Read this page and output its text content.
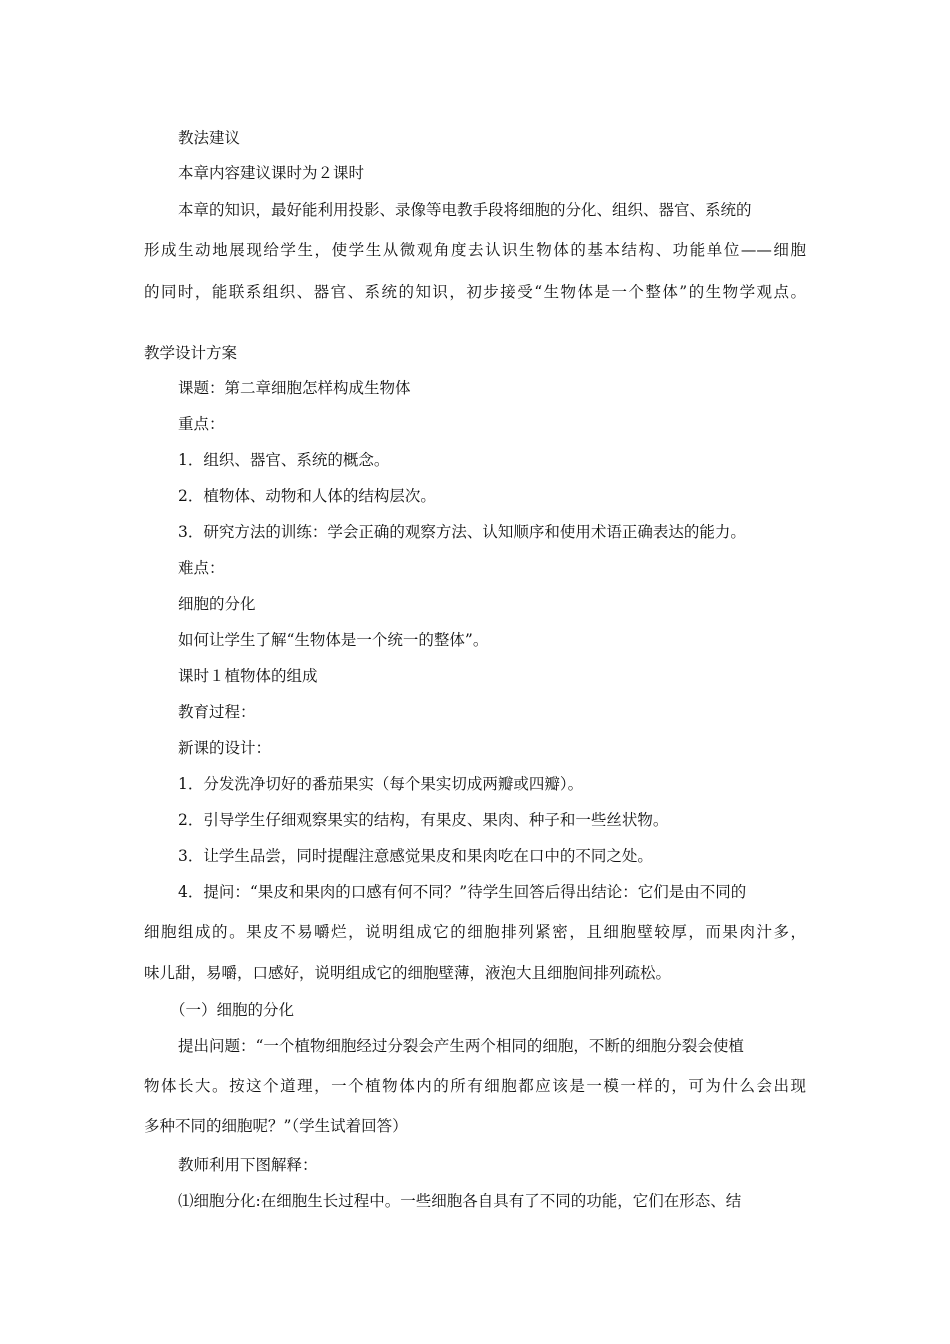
教法建议
本章内容建议课时为２课时
本章的知识，最好能利用投影、录像等电教手段将细胞的分化、组织、器官、系统的
形成生动地展现给学生，使学生从微观角度去认识生物体的基本结构、功能单位——细胞
的同时，能联系组织、器官、系统的知识，初步接受“生物体是一个整体”的生物学观点。
教学设计方案
课题：第二章细胞怎样构成生物体
重点：
1．组织、器官、系统的概念。
2．植物体、动物和人体的结构层次。
3．研究方法的训练：学会正确的观察方法、认知顺序和使用术语正确表达的能力。
难点：
细胞的分化
如何让学生了解“生物体是一个统一的整体”。
课时１植物体的组成
教育过程：
新课的设计：
1．分发洗净切好的番茄果实（每个果实切成两瓣或四瓣）。
2．引导学生仔细观察果实的结构，有果皮、果肉、种子和一些丝状物。
3．让学生品尝，同时提醒注意感觉果皮和果肉吃在口中的不同之处。
4．提问：“果皮和果肉的口感有何不同？”待学生回答后得出结论：它们是由不同的
细胞组成的。果皮不易嚼烂，说明组成它的细胞排列紧密，且细胞壁较厚，而果肉汁多，
味儿甜，易嚼，口感好，说明组成它的细胞壁薄，液泡大且细胞间排列疏松。
（一）细胞的分化
提出问题：“一个植物细胞经过分裂会产生两个相同的细胞，不断的细胞分裂会使植
物体长大。按这个道理，一个植物体内的所有细胞都应该是一模一样的，可为什么会出现
多种不同的细胞呢？”（学生试着回答）
教师利用下图解释：
⑴细胞分化:在细胞生长过程中。一些细胞各自具有了不同的功能，它们在形态、结
